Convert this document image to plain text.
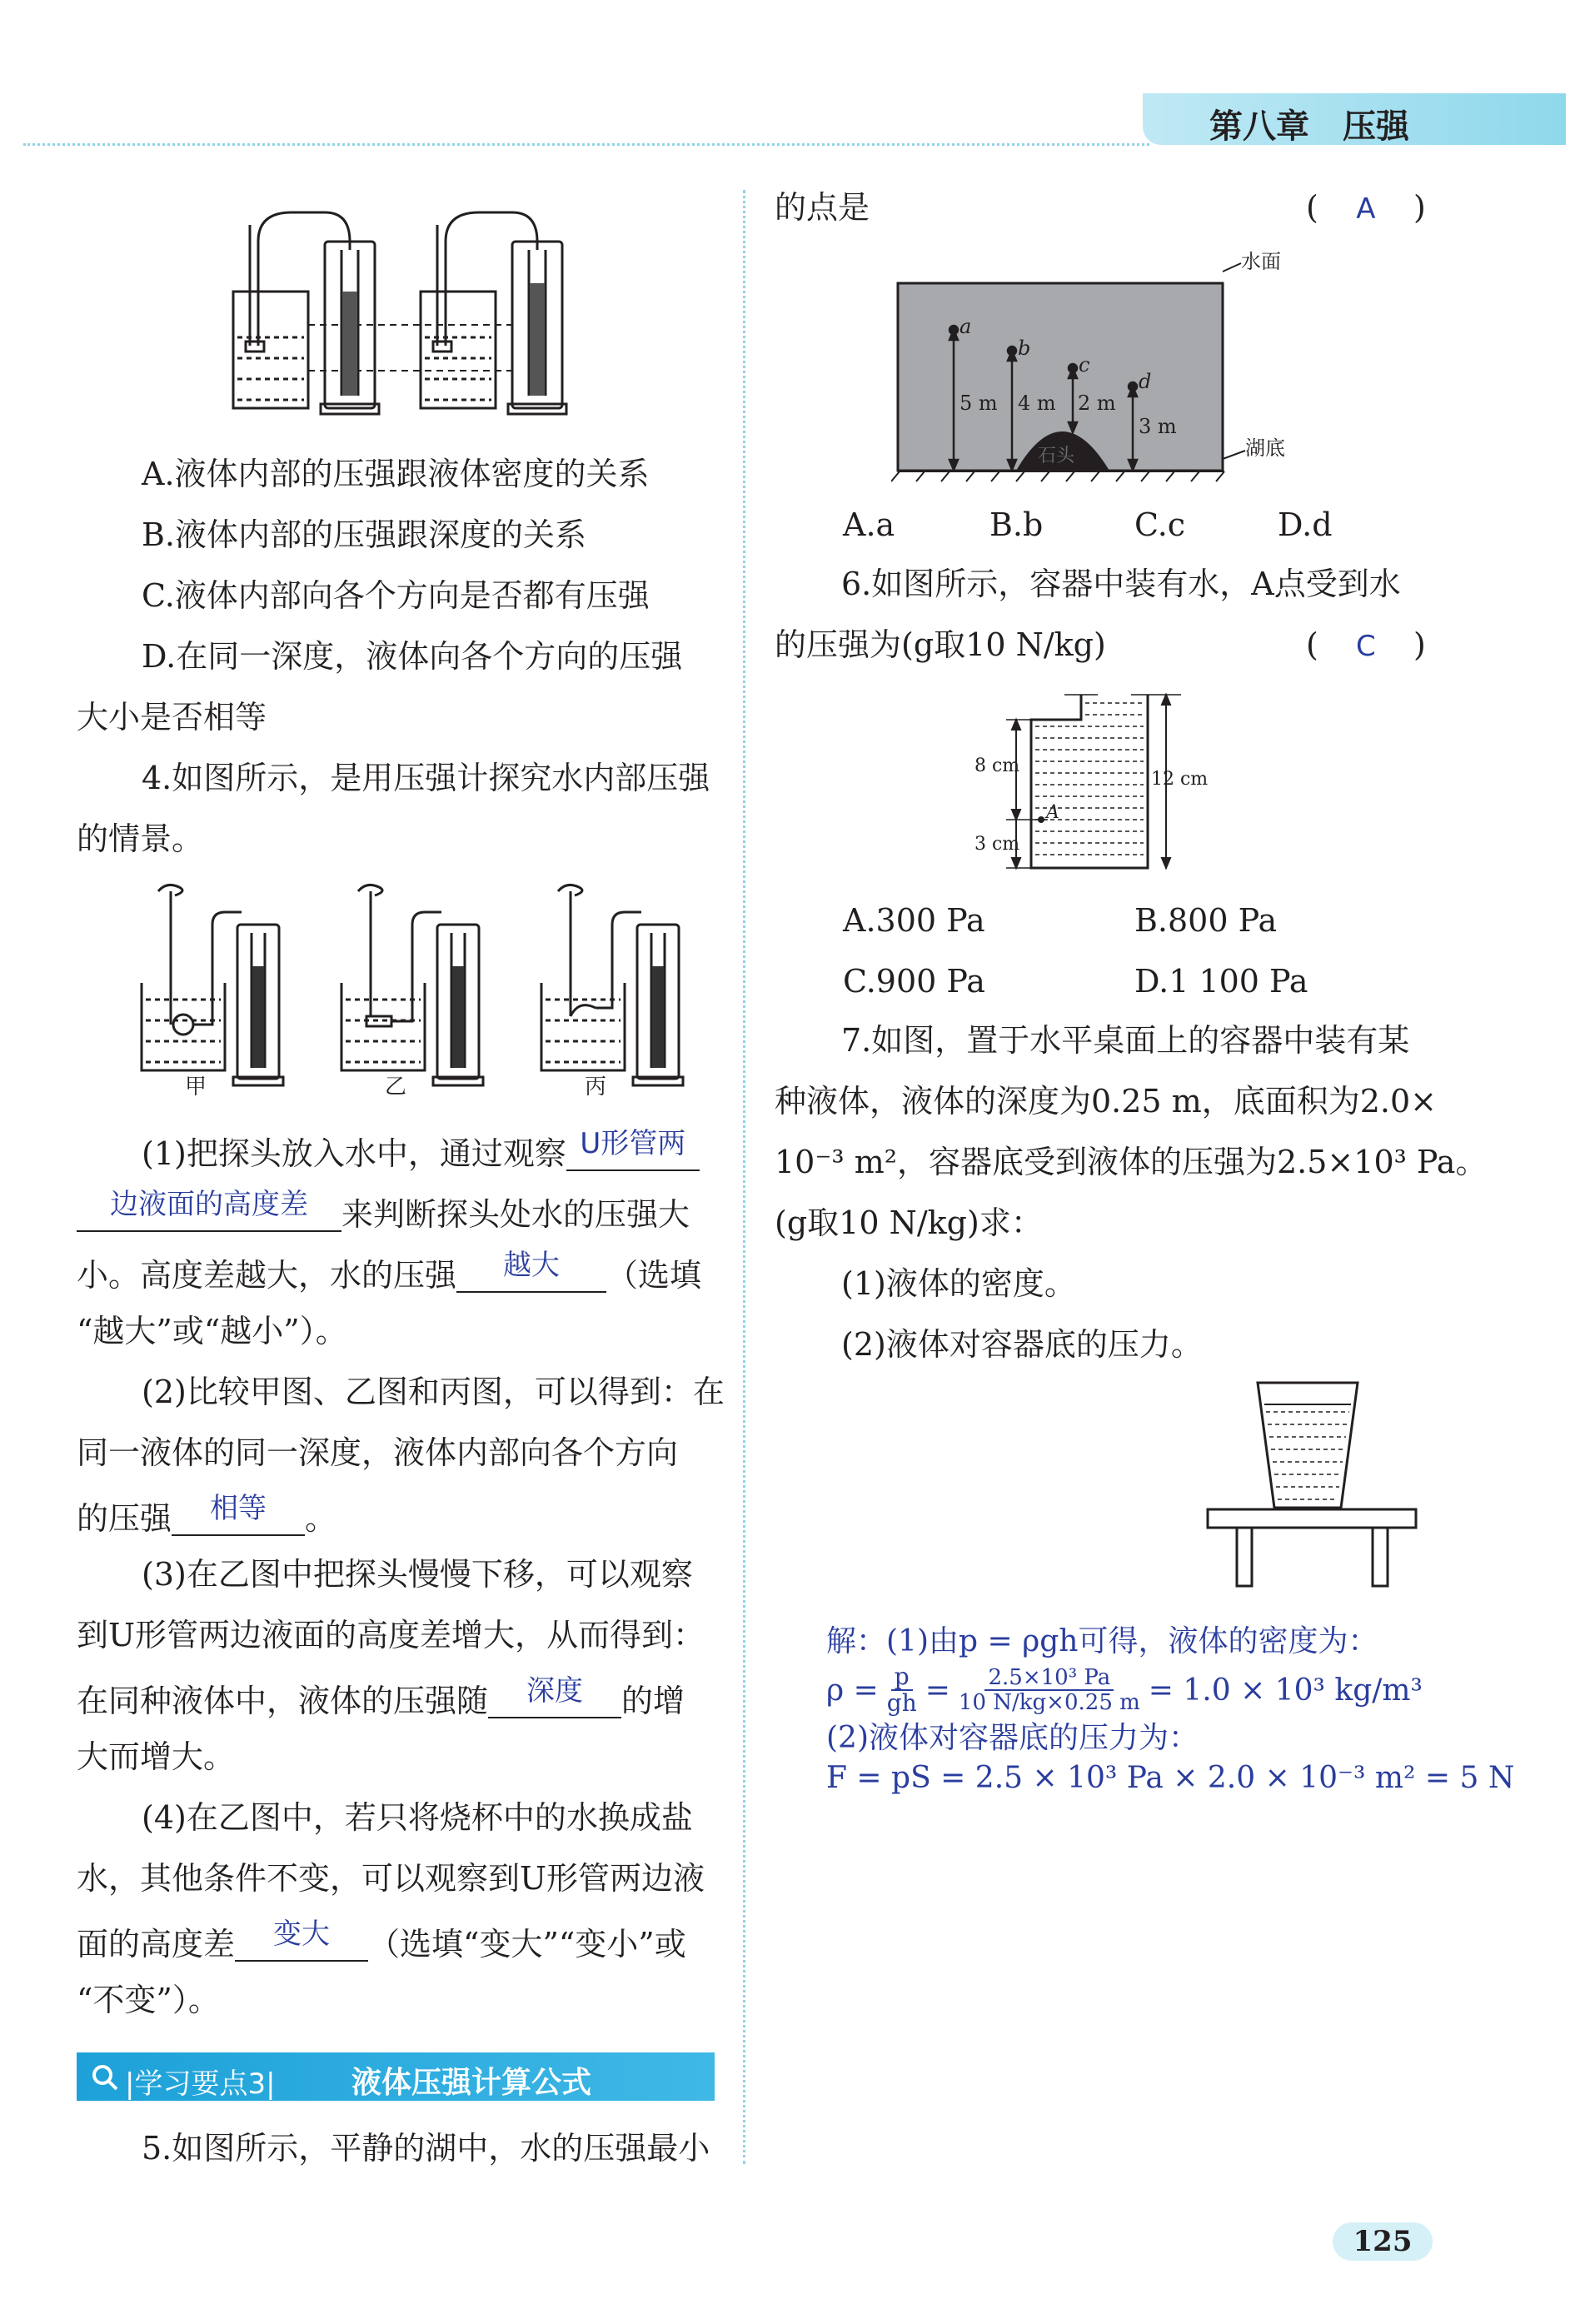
第八章 压强
A.液体内部的压强跟液体密度的关系
B.液体内部的压强跟深度的关系
C.液体内部向各个方向是否都有压强
D.在同一深度，液体向各个方向的压强
大小是否相等
4.如图所示，是用压强计探究水内部压强
的情景。
甲	乙	丙
(1)把探头放入水中，通过观察 U形管两
边液面的高度差	来判断探头处水的压强大
小。高度差越大，水的压强	越大	（选填
“越大”或“越小”）。
(2)比较甲图、乙图和丙图，可以得到：在
同一液体的同一深度，液体内部向各个方向
的压强	相等	。
(3)在乙图中把探头慢慢下移，可以观察
到U形管两边液面的高度差增大，从而得到：
在同种液体中，液体的压强随	深度	的增
大而增大。
(4)在乙图中，若只将烧杯中的水换成盐
水，其他条件不变，可以观察到U形管两边液
面的高度差	变大	（选填“变大”“变小”或
“不变”）。
|学习要点3|	液体压强计算公式
5.如图所示，平静的湖中，水的压强最小
的点是	( A )
a
b
c
d
5 m 4 m 2 m
3 m
石头
水面
湖底
A.a	B.b	C.c	D.d
6.如图所示，容器中装有水，A点受到水
的压强为(g取10 N/kg)	( C )
8 cm
3 cm
12 cm
A
A.300 Pa	B.800 Pa
C.900 Pa	D.1 100 Pa
7.如图，置于水平桌面上的容器中装有某
种液体，液体的深度为0.25 m，底面积为2.0×
10⁻³ m²，容器底受到液体的压强为2.5×10³ Pa。
(g取10 N/kg)求：
(1)液体的密度。
(2)液体对容器底的压力。
解：(1)由p = ρgh可得，液体的密度为：
$\rho = \frac{p}{gh} = \frac{\text{2.5×10³ Pa}}{10 N/kg\times 0.25 m} = 1.0 \times 10^3$ kg/m³
(2)液体对容器底的压力为：
F = pS = 2.5 × 10³ Pa × 2.0 × 10⁻³ m² = 5 N
125
